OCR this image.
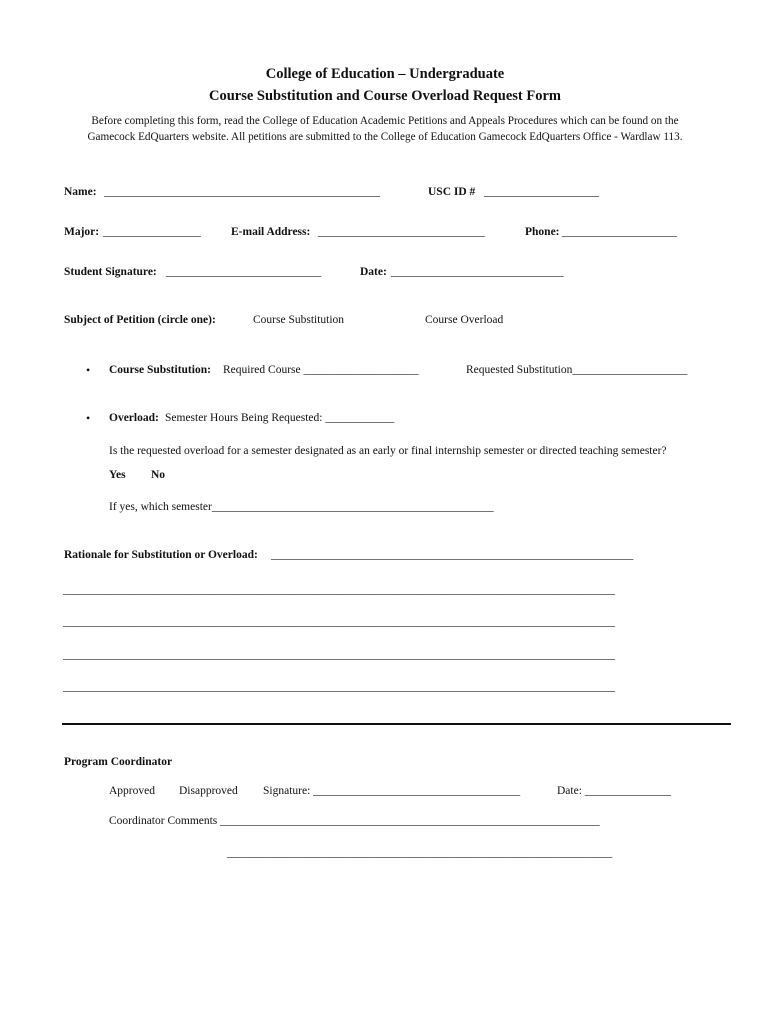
College of Education – Undergraduate
Course Substitution and Course Overload Request Form
Before completing this form, read the College of Education Academic Petitions and Appeals Procedures which can be found on the
Gamecock EdQuarters website. All petitions are submitted to the College of Education Gamecock EdQuarters Office - Wardlaw 113.
Name: ________________________________________________	USC ID # ____________________
Major: _________________	E-mail Address: _____________________________	Phone: ____________________
Student Signature: ___________________________	Date: ______________________________
Subject of Petition (circle one):	Course Substitution	Course Overload
• Course Substitution: Required Course ____________________	Requested Substitution____________________
• Overload: Semester Hours Being Requested: ____________
Is the requested overload for a semester designated as an early or final internship semester or directed teaching semester?
Yes No
If yes, which semester_________________________________________________
Rationale for Substitution or Overload: _______________________________________________________________
________________________________________________________________________________________________
________________________________________________________________________________________________
________________________________________________________________________________________________
________________________________________________________________________________________________
Program Coordinator
Approved Disapproved Signature: ____________________________________	Date: _______________
Coordinator Comments __________________________________________________________________
___________________________________________________________________
